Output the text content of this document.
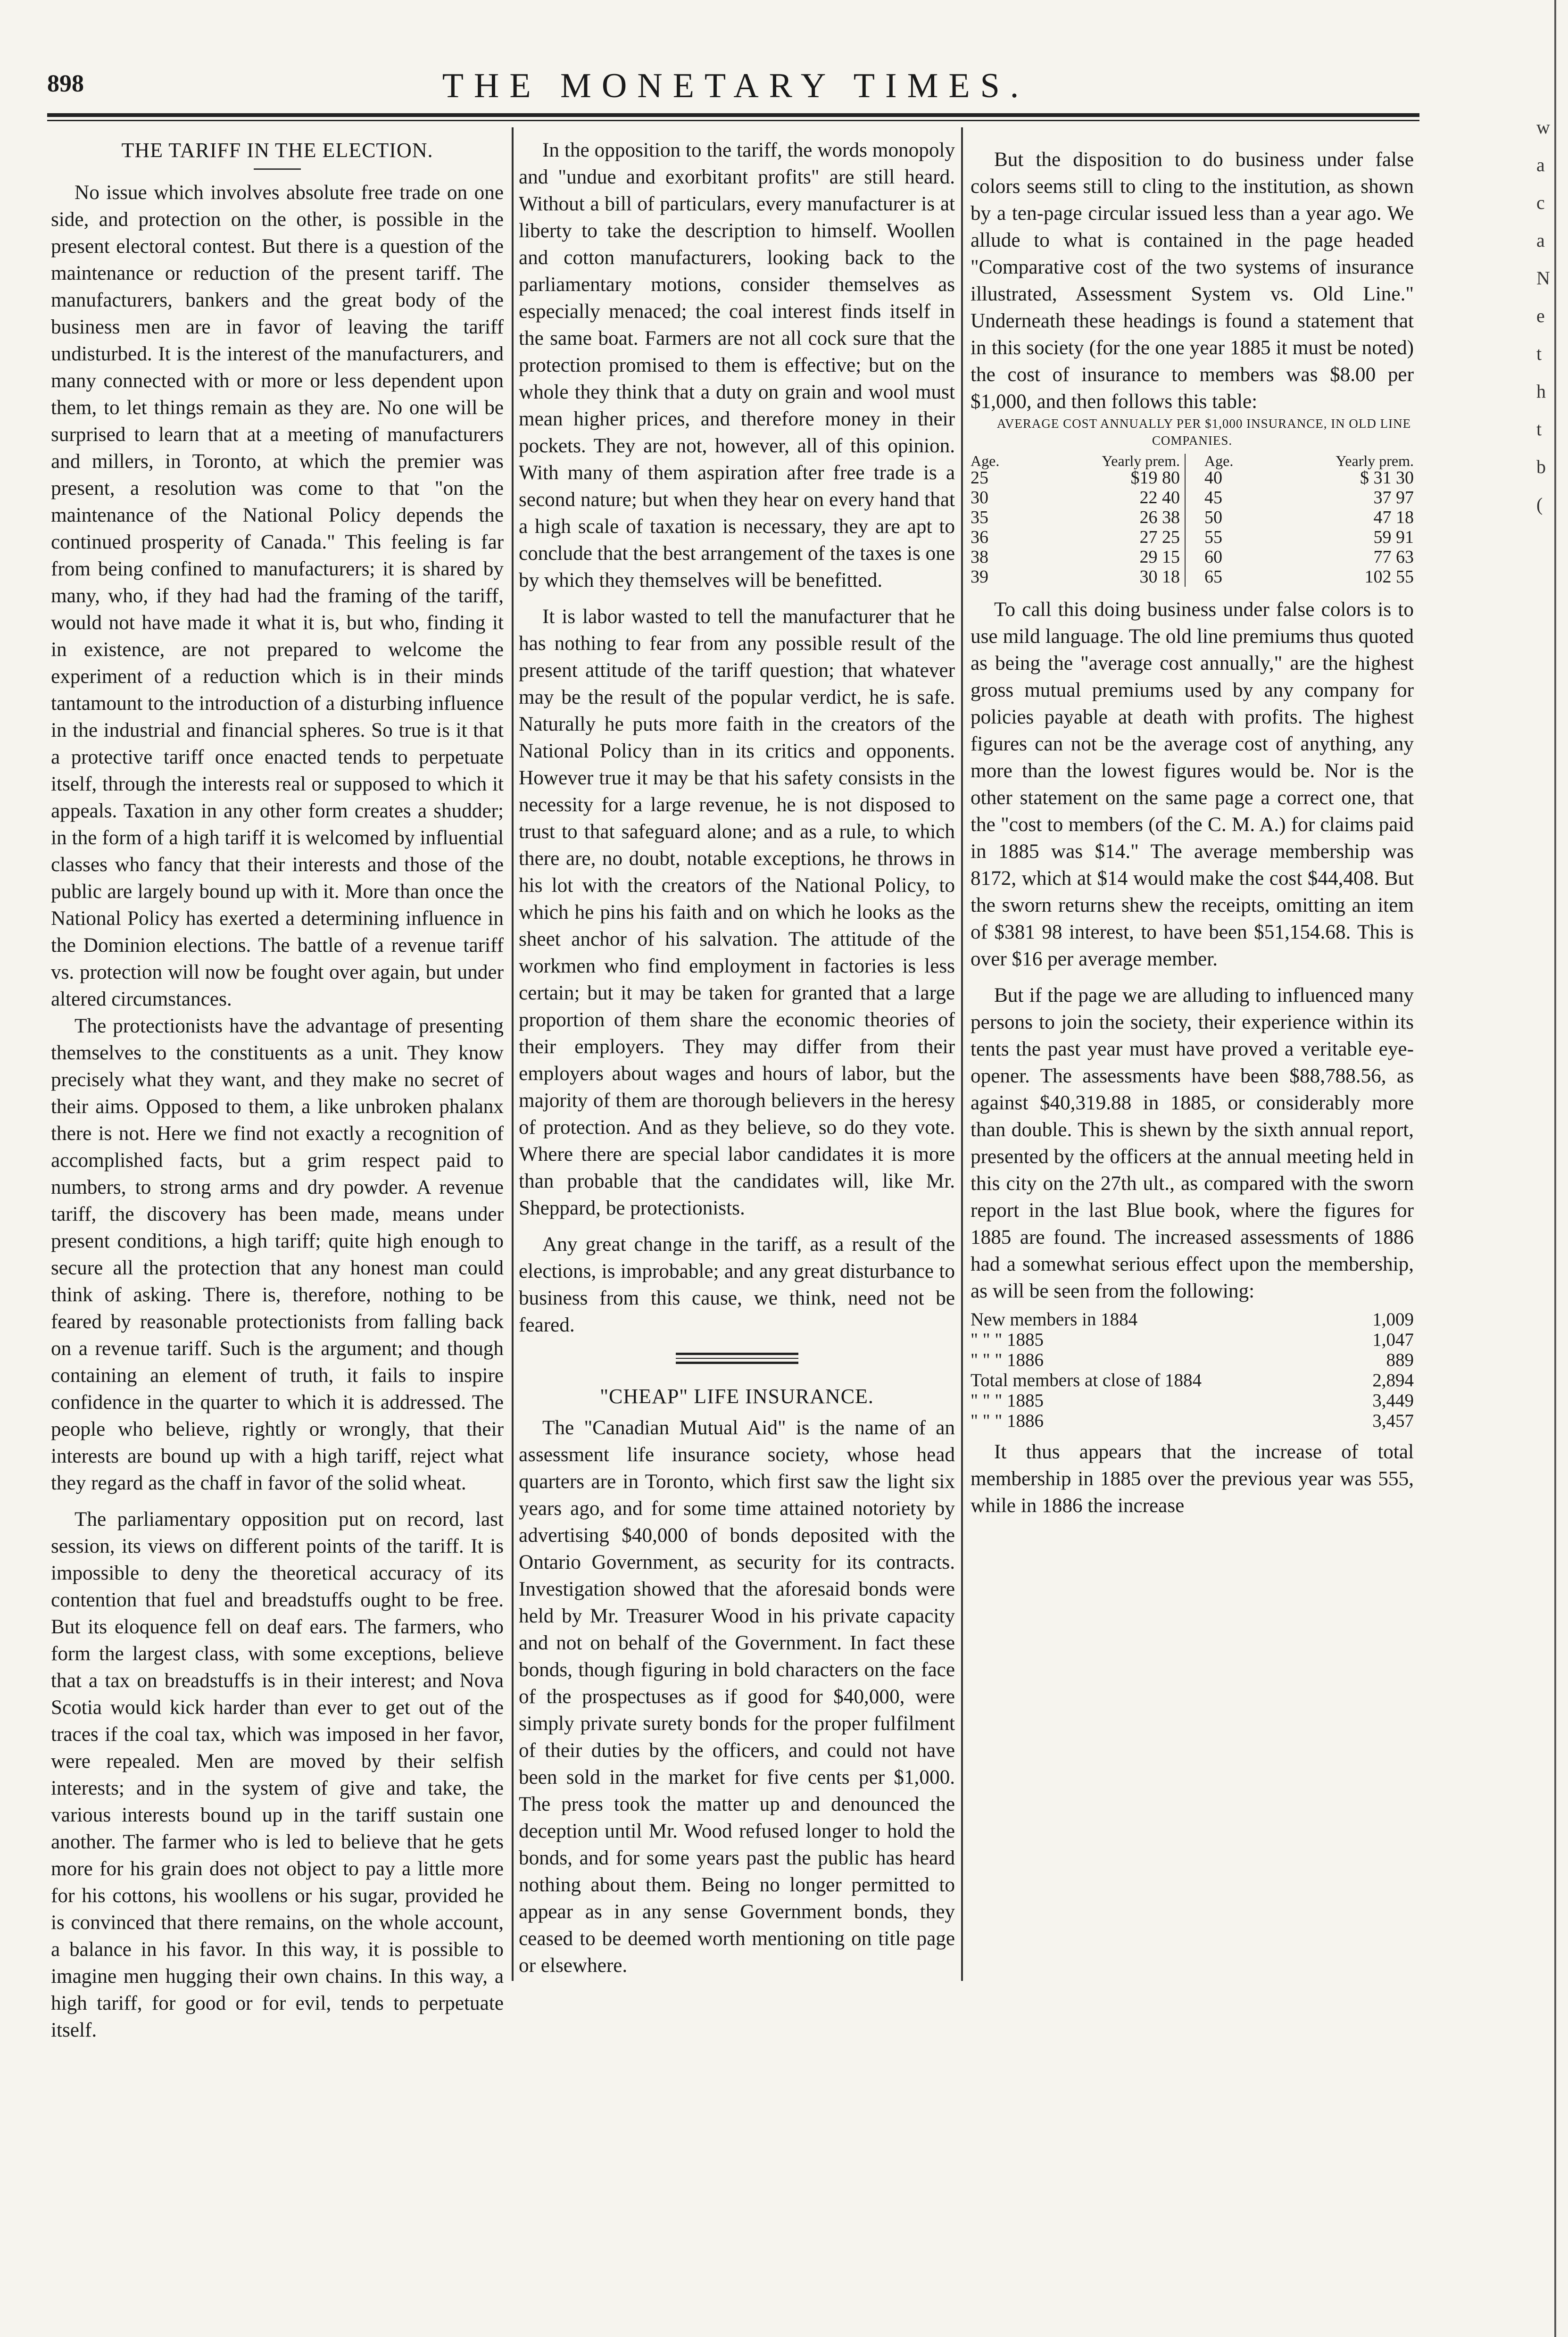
898	THE MONETARY TIMES.
THE TARIFF IN THE ELECTION.

No issue which involves absolute free trade on one side, and protection on the other, is possible in the present electoral contest. But there is a question of the maintenance or reduction of the present tariff. The manufacturers, bankers and the great body of the business men are in favor of leaving the tariff undisturbed. It is the interest of the manufacturers, and many connected with or more or less dependent upon them, to let things remain as they are. No one will be surprised to learn that at a meeting of manufacturers and millers, in Toronto, at which the premier was present, a resolution was come to that "on the maintenance of the National Policy depends the continued prosperity of Canada." This feeling is far from being confined to manufacturers; it is shared by many, who, if they had had the framing of the tariff, would not have made it what it is, but who, finding it in existence, are not prepared to welcome the experiment of a reduction which is in their minds tantamount to the introduction of a disturbing influence in the industrial and financial spheres. So true is it that a protective tariff once enacted tends to perpetuate itself, through the interests real or supposed to which it appeals. Taxation in any other form creates a shudder; in the form of a high tariff it is welcomed by influential classes who fancy that their interests and those of the public are largely bound up with it. More than once the National Policy has exerted a determining influence in the Dominion elections. The battle of a revenue tariff vs. protection will now be fought over again, but under altered circumstances.

The protectionists have the advantage of presenting themselves to the constituents as a unit. They know precisely what they want, and they make no secret of their aims. Opposed to them, a like unbroken phalanx there is not. Here we find not exactly a recognition of accomplished facts, but a grim respect paid to numbers, to strong arms and dry powder. A revenue tariff, the discovery has been made, means under present conditions, a high tariff; quite high enough to secure all the protection that any honest man could think of asking. There is, therefore, nothing to be feared by reasonable protectionists from falling back on a revenue tariff. Such is the argument; and though containing an element of truth, it fails to inspire confidence in the quarter to which it is addressed. The people who believe, rightly or wrongly, that their interests are bound up with a high tariff, reject what they regard as the chaff in favor of the solid wheat.

The parliamentary opposition put on record, last session, its views on different points of the tariff. It is impossible to deny the theoretical accuracy of its contention that fuel and breadstuffs ought to be free. But its eloquence fell on deaf ears. The farmers, who form the largest class, with some exceptions, believe that a tax on breadstuffs is in their interest; and Nova Scotia would kick harder than ever to get out of the traces if the coal tax, which was imposed in her favor, were repealed. Men are moved by their selfish interests; and in the system of give and take, the various interests bound up in the tariff sustain one another. The farmer who is led to believe that he gets more for his grain does not object to pay a little more for his cottons, his woollens or his sugar, provided he is convinced that there remains, on the whole account, a balance in his favor. In this way, it is possible to imagine men hugging their own chains. In this way, a high tariff, for good or for evil, tends to perpetuate itself.

In the opposition to the tariff, the words monopoly and "undue and exorbitant profits" are still heard. Without a bill of particulars, every manufacturer is at liberty to take the description to himself. Woollen and cotton manufacturers, looking back to the parliamentary motions, consider themselves as especially menaced; the coal interest finds itself in the same boat. Farmers are not all cock sure that the protection promised to them is effective; but on the whole they think that a duty on grain and wool must mean higher prices, and therefore money in their pockets. They are not, however, all of this opinion. With many of them aspiration after free trade is a second nature; but when they hear on every hand that a high scale of taxation is necessary, they are apt to conclude that the best arrangement of the taxes is one by which they themselves will be benefitted.

It is labor wasted to tell the manufacturer that he has nothing to fear from any possible result of the present attitude of the tariff question; that whatever may be the result of the popular verdict, he is safe. Naturally he puts more faith in the creators of the National Policy than in its critics and opponents. However true it may be that his safety consists in the necessity for a large revenue, he is not disposed to trust to that safeguard alone; and as a rule, to which there are, no doubt, notable exceptions, he throws in his lot with the creators of the National Policy, to which he pins his faith and on which he looks as the sheet anchor of his salvation. The attitude of the workmen who find employment in factories is less certain; but it may be taken for granted that a large proportion of them share the economic theories of their employers. They may differ from their employers about wages and hours of labor, but the majority of them are thorough believers in the heresy of protection. And as they believe, so do they vote. Where there are special labor candidates it is more than probable that the candidates will, like Mr. Sheppard, be protectionists.

Any great change in the tariff, as a result of the elections, is improbable; and any great disturbance to business from this cause, we think, need not be feared.

"CHEAP" LIFE INSURANCE.

The "Canadian Mutual Aid" is the name of an assessment life insurance society, whose head quarters are in Toronto, which first saw the light six years ago, and for some time attained notoriety by advertising $40,000 of bonds deposited with the Ontario Government, as security for its contracts. Investigation showed that the aforesaid bonds were held by Mr. Treasurer Wood in his private capacity and not on behalf of the Government. In fact these bonds, though figuring in bold characters on the face of the prospectuses as if good for $40,000, were simply private surety bonds for the proper fulfilment of their duties by the officers, and could not have been sold in the market for five cents per $1,000. The press took the matter up and denounced the deception until Mr. Wood refused longer to hold the bonds, and for some years past the public has heard nothing about them. Being no longer permitted to appear as in any sense Government bonds, they ceased to be deemed worth mentioning on title page or elsewhere.

But the disposition to do business under false colors seems still to cling to the institution, as shown by a ten-page circular issued less than a year ago. We allude to what is contained in the page headed "Comparative cost of the two systems of insurance illustrated, Assessment System vs. Old Line." Underneath these headings is found a statement that in this society (for the one year 1885 it must be noted) the cost of insurance to members was $8.00 per $1,000, and then follows this table:

AVERAGE COST ANNUALLY PER $1,000 INSURANCE, IN OLD LINE COMPANIES.

Age.	Yearly prem.
25	$19 80
30	22 40
35	26 38
36	27 25
38	29 15
39	30 18
Age.	Yearly prem.
40	$ 31 30
45	37 97
50	47 18
55	59 91
60	77 63
65	102 55

To call this doing business under false colors is to use mild language. The old line premiums thus quoted as being the "average cost annually," are the highest gross mutual premiums used by any company for policies payable at death with profits. The highest figures can not be the average cost of anything, any more than the lowest figures would be. Nor is the other statement on the same page a correct one, that the "cost to members (of the C. M. A.) for claims paid in 1885 was $14." The average membership was 8172, which at $14 would make the cost $44,408. But the sworn returns shew the receipts, omitting an item of $381 98 interest, to have been $51,154.68. This is over $16 per average member.

But if the page we are alluding to influenced many persons to join the society, their experience within its tents the past year must have proved a veritable eye-opener. The assessments have been $88,788.56, as against $40,319.88 in 1885, or considerably more than double. This is shewn by the sixth annual report, presented by the officers at the annual meeting held in this city on the 27th ult., as compared with the sworn report in the last Blue book, where the figures for 1885 are found. The increased assessments of 1886 had a somewhat serious effect upon the membership, as will be seen from the following:

New members in 1884	1,009
" " " 1885	1,047
" " " 1886	889
Total members at close of 1884	2,894
" " " 1885	3,449
" " " 1886	3,457

It thus appears that the increase of total membership in 1885 over the previous year was 555, while in 1886 the increase

w
a
c
a
N
e
t
h
t
b
(
